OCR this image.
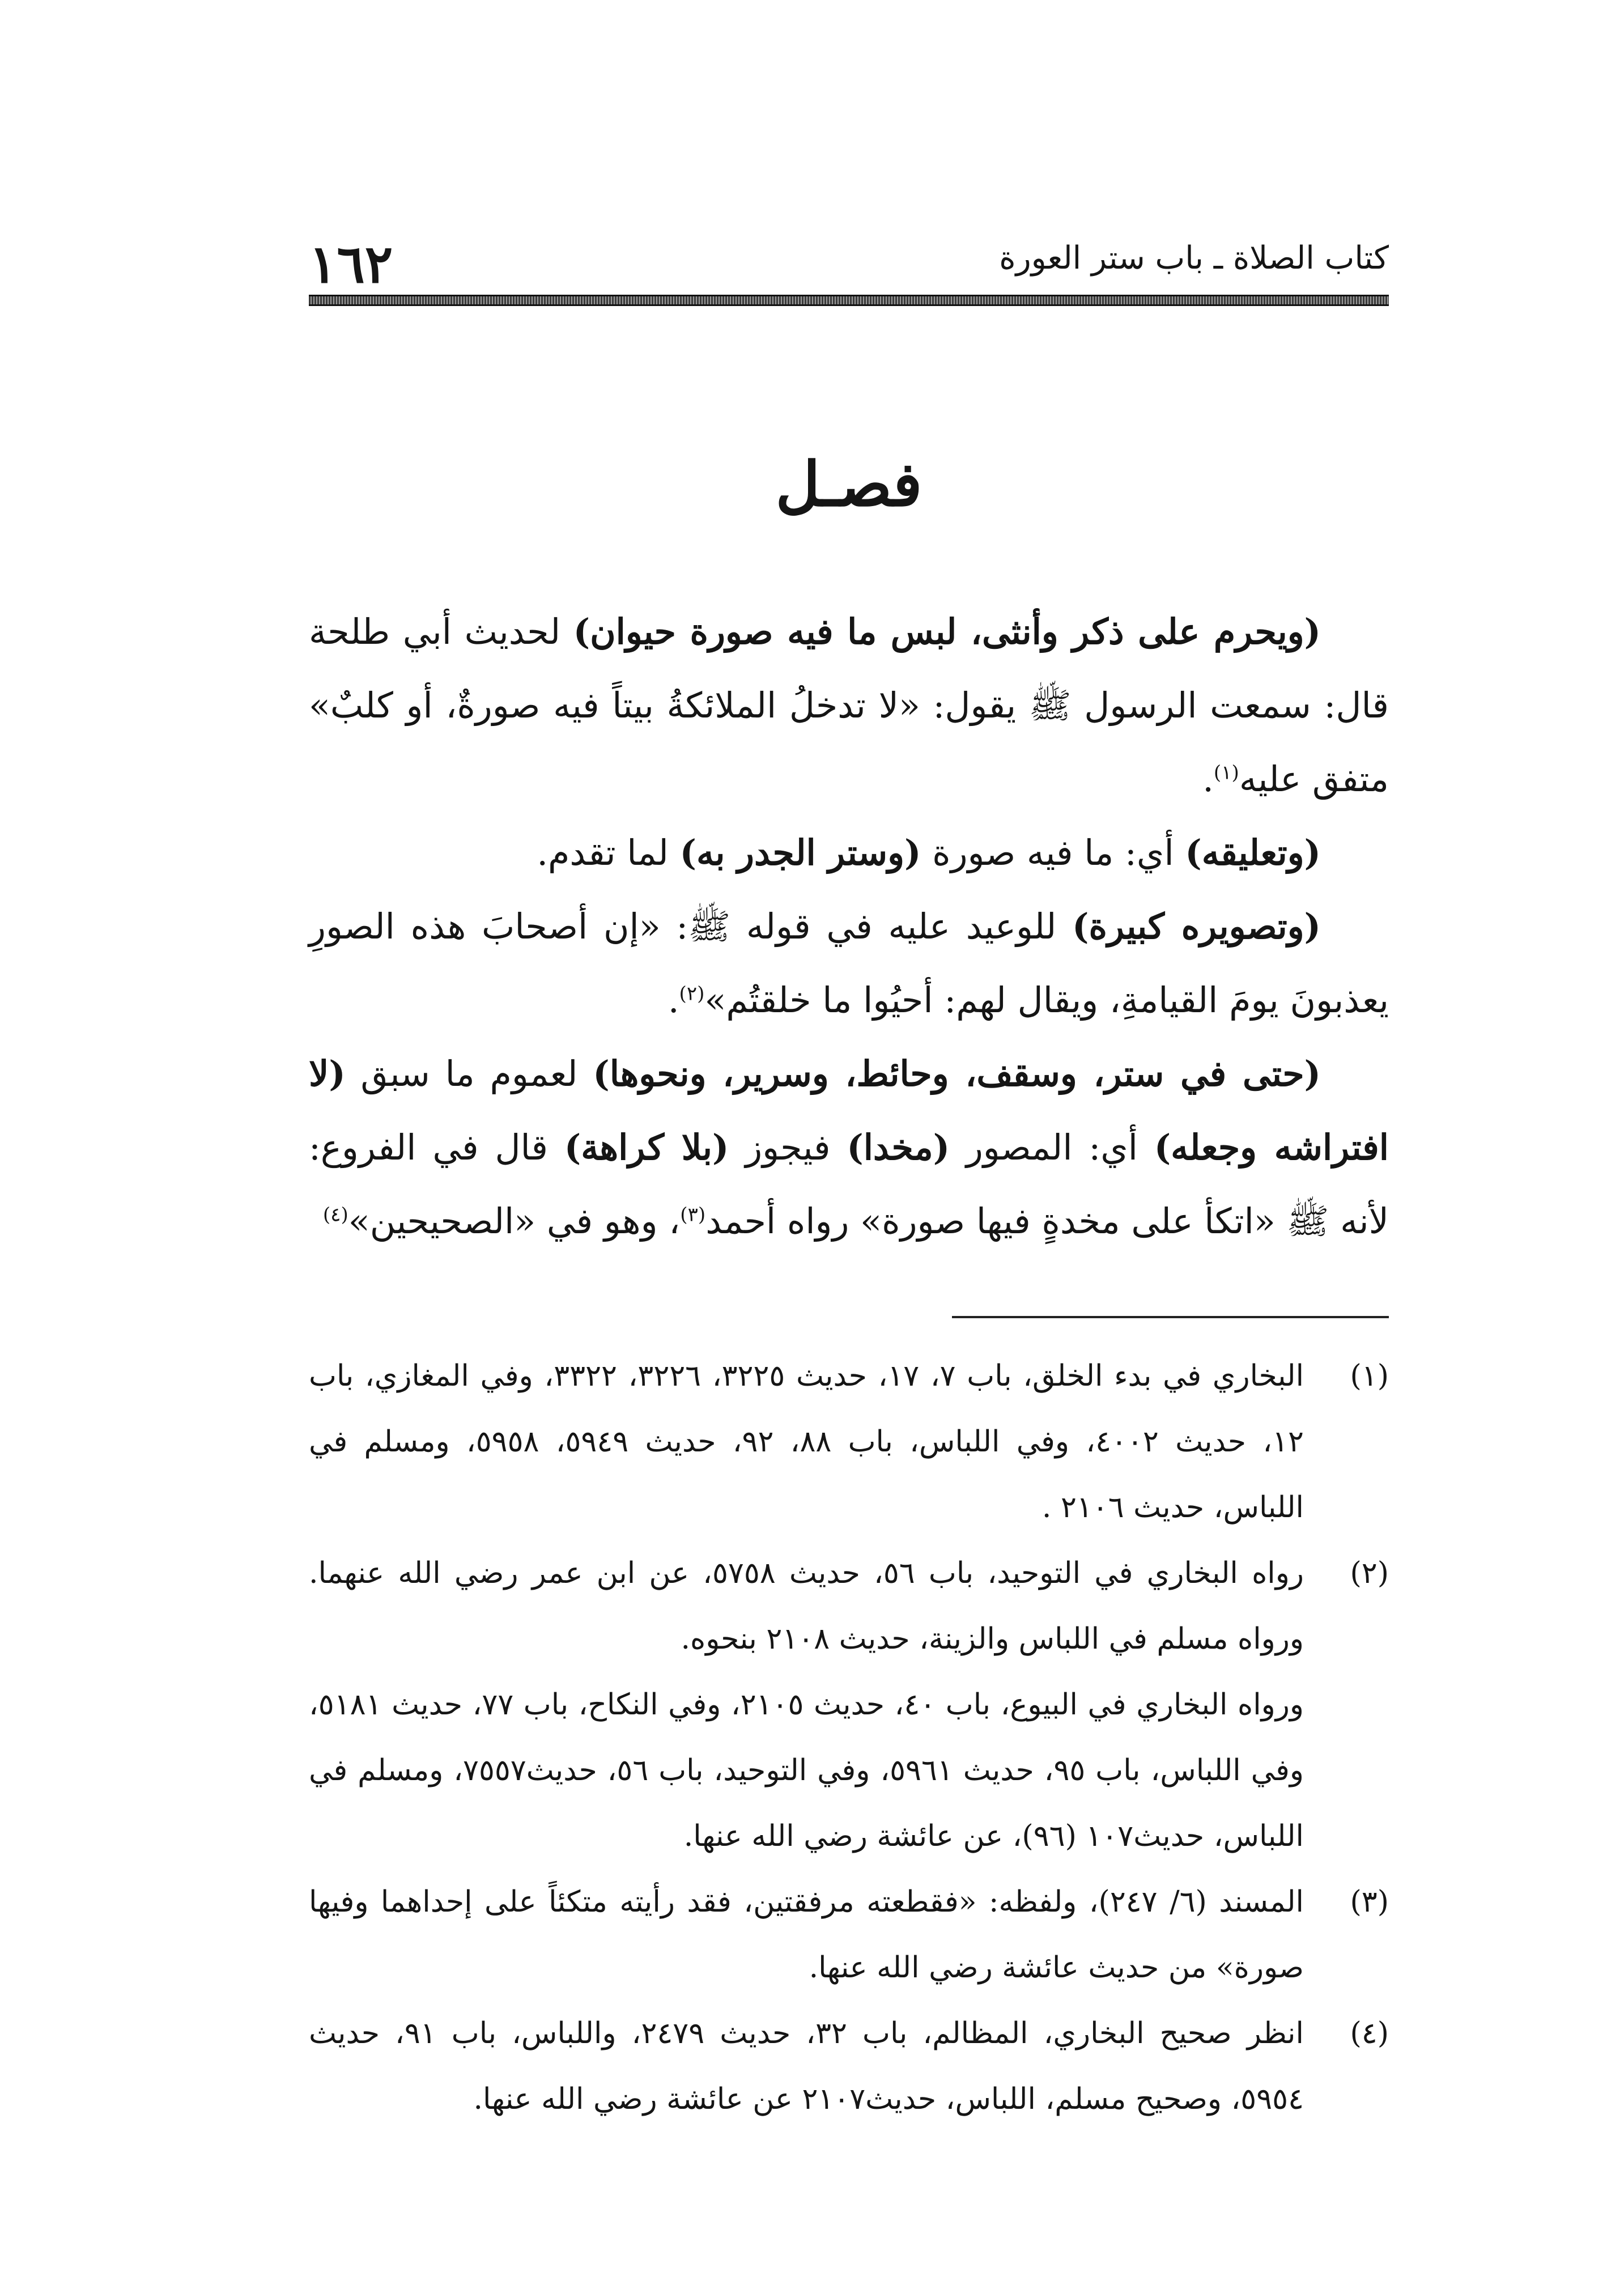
١٦٢	كتاب الصلاة ـ باب ستر العورة
فصـل

(ويحرم على ذكر وأنثى، لبس ما فيه صورة حيوان) لحديث أبي طلحة قال: سمعت الرسول ﷺ يقول: «لا تدخلُ الملائكةُ بيتاً فيه صورةٌ، أو كلبٌ» متفق عليه$^{(١)}$.

(وتعليقه) أي: ما فيه صورة (وستر الجدر به) لما تقدم.

(وتصويره كبيرة) للوعيد عليه في قوله ﷺ: «إن أصحابَ هذه الصورِ يعذبونَ يومَ القيامةِ، ويقال لهم: أحيُوا ما خلقتُم»$^{(٢)}$.

(حتى في ستر، وسقف، وحائط، وسرير، ونحوها) لعموم ما سبق (لا افتراشه وجعله) أي: المصور (مخدا) فيجوز (بلا كراهة) قال في الفروع: لأنه ﷺ «اتكأ على مخدةٍ فيها صورة» رواه أحمد$^{(٣)}$، وهو في «الصحيحين»$^{(٤)}$

(١)

البخاري في بدء الخلق، باب ٧، ١٧، حديث ٣٢٢٥، ٣٢٢٦، ٣٣٢٢، وفي المغازي، باب ١٢، حديث ٤٠٠٢، وفي اللباس، باب ٨٨، ٩٢، حديث ٥٩٤٩، ٥٩٥٨، ومسلم في اللباس، حديث ٢١٠٦ .

(٢)

رواه البخاري في التوحيد، باب ٥٦، حديث ٥٧٥٨، عن ابن عمر رضي الله عنهما. ورواه مسلم في اللباس والزينة، حديث ٢١٠٨ بنحوه.

ورواه البخاري في البيوع، باب ٤٠، حديث ٢١٠٥، وفي النكاح، باب ٧٧، حديث ٥١٨١، وفي اللباس، باب ٩٥، حديث ٥٩٦١، وفي التوحيد، باب ٥٦، حديث٧٥٥٧، ومسلم في اللباس، حديث١٠٧ (٩٦)، عن عائشة رضي الله عنها.

(٣)

المسند (٦/ ٢٤٧)، ولفظه: «فقطعته مرفقتين، فقد رأيته متكئاً على إحداهما وفيها صورة» من حديث عائشة رضي الله عنها.

(٤)

انظر صحيح البخاري، المظالم، باب ٣٢، حديث ٢٤٧٩، واللباس، باب ٩١، حديث ٥٩٥٤، وصحيح مسلم، اللباس، حديث٢١٠٧ عن عائشة رضي الله عنها.
